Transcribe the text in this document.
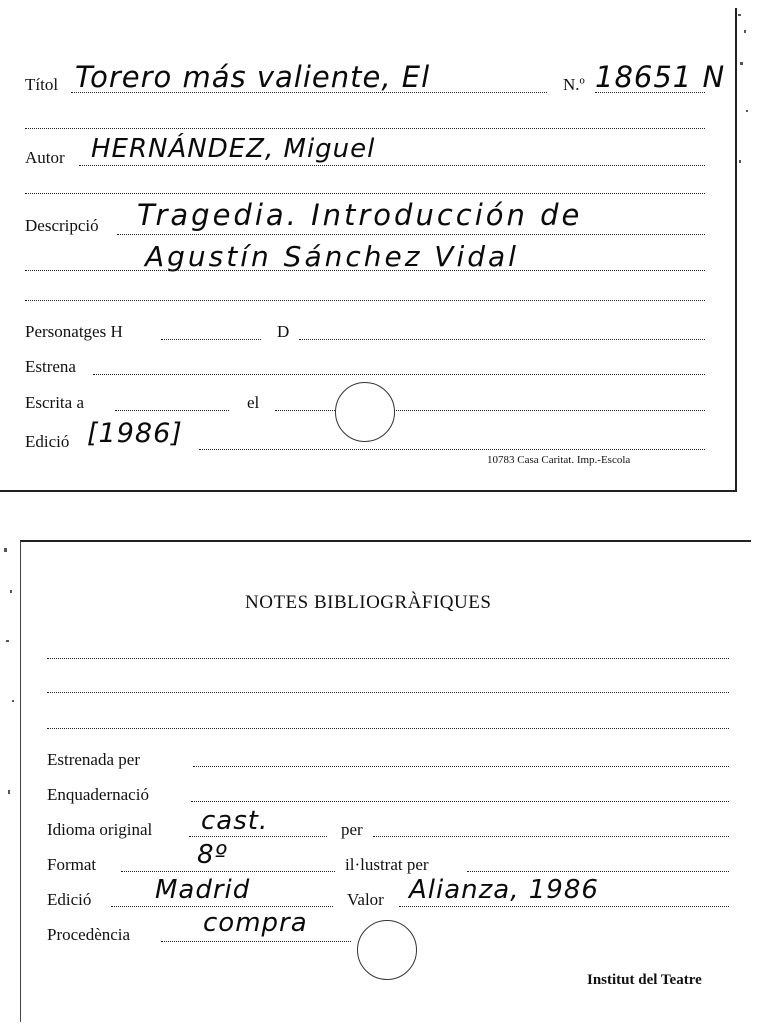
Títol Torero más valiente, El	N.º 18651 N
Autor HERNÁNDEZ, Miguel
Descripció Tragedia. Introducción de
Agustín Sánchez Vidal
Personatges H	D
Estrena
Escrita a	el
Edició [1986]
10783 Casa Caritat. Imp.-Escola
NOTES BIBLIOGRÀFIQUES
Estrenada per
Enquadernació
Idioma original cast.	per
Format	8º	il·lustrat per
Edició Madrid	Valor Alianza, 1986
Procedència	compra
Institut del Teatre
